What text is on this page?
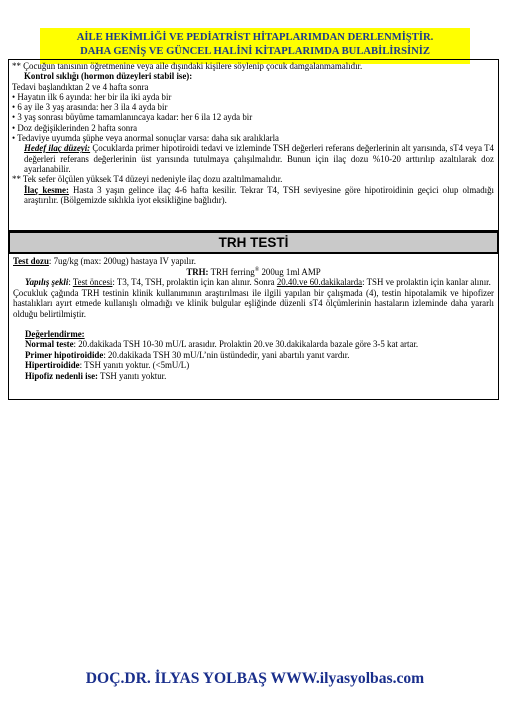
AİLE HEKİMLİĞİ VE PEDİATRİST HİTAPLARIMDAN DERLENMİŞTİR.
DAHA GENİŞ VE GÜNCEL HALİNİ KİTAPLARIMDA BULABİLİRSİNİZ

** Çocuğun tanısının öğretmenine veya aile dışındaki kişilere söylenip çocuk damgalanmamalıdır.

Kontrol sıklığı (hormon düzeyleri stabil ise):

Tedavi başlandıktan 2 ve 4 hafta sonra

• Hayatın ilk 6 ayında: her bir ila iki ayda bir

• 6 ay ile 3 yaş arasında: her 3 ila 4 ayda bir

• 3 yaş sonrası büyüme tamamlanıncaya kadar: her 6 ila 12 ayda bir

• Doz değişiklerinden 2 hafta sonra

• Tedaviye uyumda şüphe veya anormal sonuçlar varsa: daha sık aralıklarla

Hedef ilaç düzeyi: Çocuklarda primer hipotiroidi tedavi ve izleminde TSH değerleri referans değerlerinin alt yarısında, sT4 veya T4 değerleri referans değerlerinin üst yarısında tutulmaya çalışılmalıdır. Bunun için ilaç dozu %10-20 arttırılıp azaltılarak doz ayarlanabilir.

** Tek sefer ölçülen yüksek T4 düzeyi nedeniyle ilaç dozu azaltılmamalıdır.

İlaç kesme: Hasta 3 yaşın gelince ilaç 4-6 hafta kesilir. Tekrar T4, TSH seviyesine göre hipotiroidinin geçici olup olmadığı araştırılır. (Bölgemizde sıklıkla iyot eksikliğine bağlıdır).

TRH TESTİ

Test dozu: 7ug/kg (max: 200ug) hastaya IV yapılır.

TRH: TRH ferring® 200ug 1ml AMP

Yapılış şekli: Test öncesi: T3, T4, TSH, prolaktin için kan alınır. Sonra 20.40.ve 60.dakikalarda: TSH ve prolaktin için kanlar alınır.

Çocukluk çağında TRH testinin klinik kullanımının araştırılması ile ilgili yapılan bir çalışmada (4), testin hipotalamik ve hipofizer hastalıkları ayırt etmede kullanışlı olmadığı ve klinik bulgular eşliğinde düzenli sT4 ölçümlerinin hastaların izleminde daha yararlı olduğu belirtilmiştir.

Değerlendirme:

Normal teste: 20.dakikada TSH 10-30 mU/L arasıdır. Prolaktin 20.ve 30.dakikalarda bazale göre 3-5 kat artar.

Primer hipotiroidide: 20.dakikada TSH 30 mU/L’nin üstündedir, yani abartılı yanıt vardır.

Hipertiroidide: TSH yanıtı yoktur. (<5mU/L)

Hipofiz nedenli ise: TSH yanıtı yoktur.

DOÇ.DR. İLYAS YOLBAŞ WWW.ilyasyolbas.com
